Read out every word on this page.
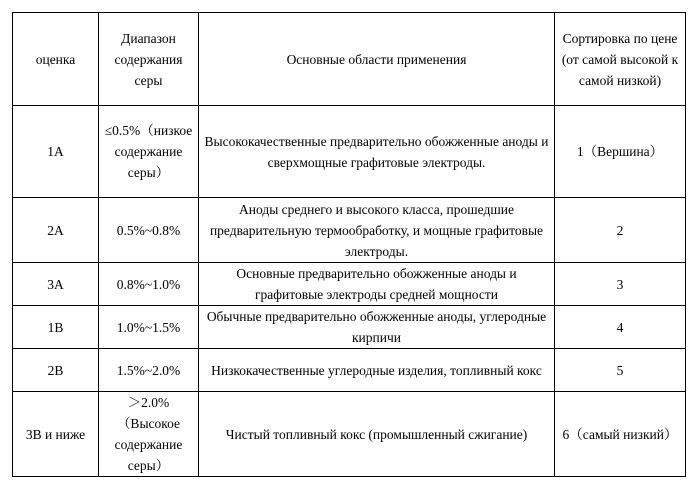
оценка	Диапазон содержания серы	Основные области применения	Сортировка по цене (от самой высокой к самой низкой)
1A	≤0.5%（низкое содержание серы）	Высококачественные предварительно обожженные аноды и сверхмощные графитовые электроды.	1（Вершина）
2A	0.5%~0.8%	Аноды среднего и высокого класса, прошедшие предварительную термообработку, и мощные графитовые электроды.	2
3A	0.8%~1.0%	Основные предварительно обожженные аноды и графитовые электроды средней мощности	3
1B	1.0%~1.5%	Обычные предварительно обожженные аноды, углеродные кирпичи	4
2B	1.5%~2.0%	Низкокачественные углеродные изделия, топливный кокс	5
3B и ниже	＞2.0%（Высокое содержание серы）	Чистый топливный кокс (промышленный сжигание)	6（самый низкий）
